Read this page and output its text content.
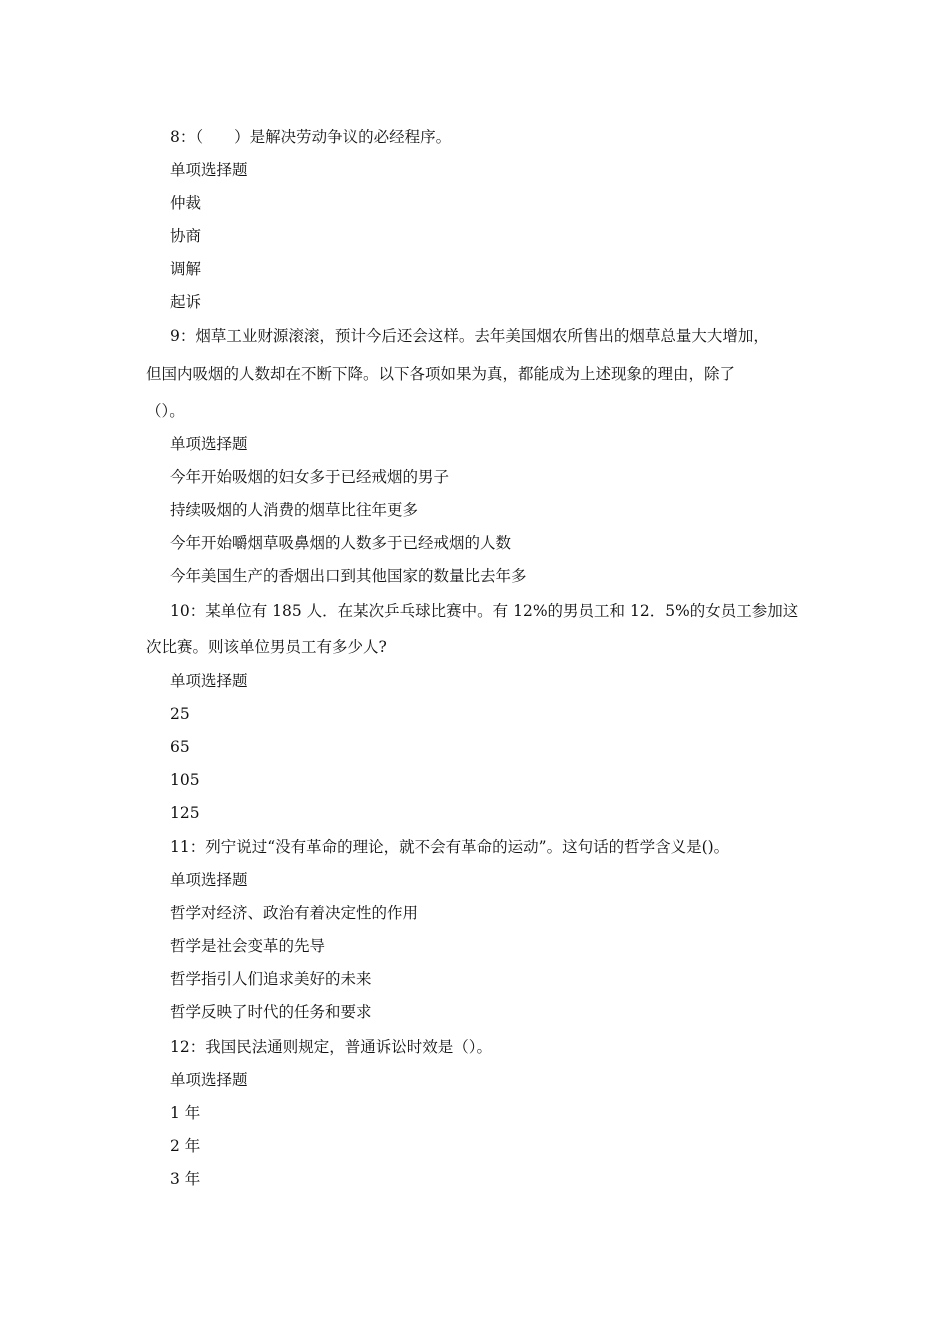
8：（　　）是解决劳动争议的必经程序。
单项选择题
仲裁
协商
调解
起诉
9：烟草工业财源滚滚，预计今后还会这样。去年美国烟农所售出的烟草总量大大增加，
但国内吸烟的人数却在不断下降。以下各项如果为真，都能成为上述现象的理由，除了
（）。
单项选择题
今年开始吸烟的妇女多于已经戒烟的男子
持续吸烟的人消费的烟草比往年更多
今年开始嚼烟草吸鼻烟的人数多于已经戒烟的人数
今年美国生产的香烟出口到其他国家的数量比去年多
10：某单位有 185 人．在某次乒乓球比赛中。有 12%的男员工和 12．5%的女员工参加这
次比赛。则该单位男员工有多少人?
单项选择题
25
65
105
125
11：列宁说过“没有革命的理论，就不会有革命的运动”。这句话的哲学含义是()。
单项选择题
哲学对经济、政治有着决定性的作用
哲学是社会变革的先导
哲学指引人们追求美好的未来
哲学反映了时代的任务和要求
12：我国民法通则规定，普通诉讼时效是（）。
单项选择题
1 年
2 年
3 年
